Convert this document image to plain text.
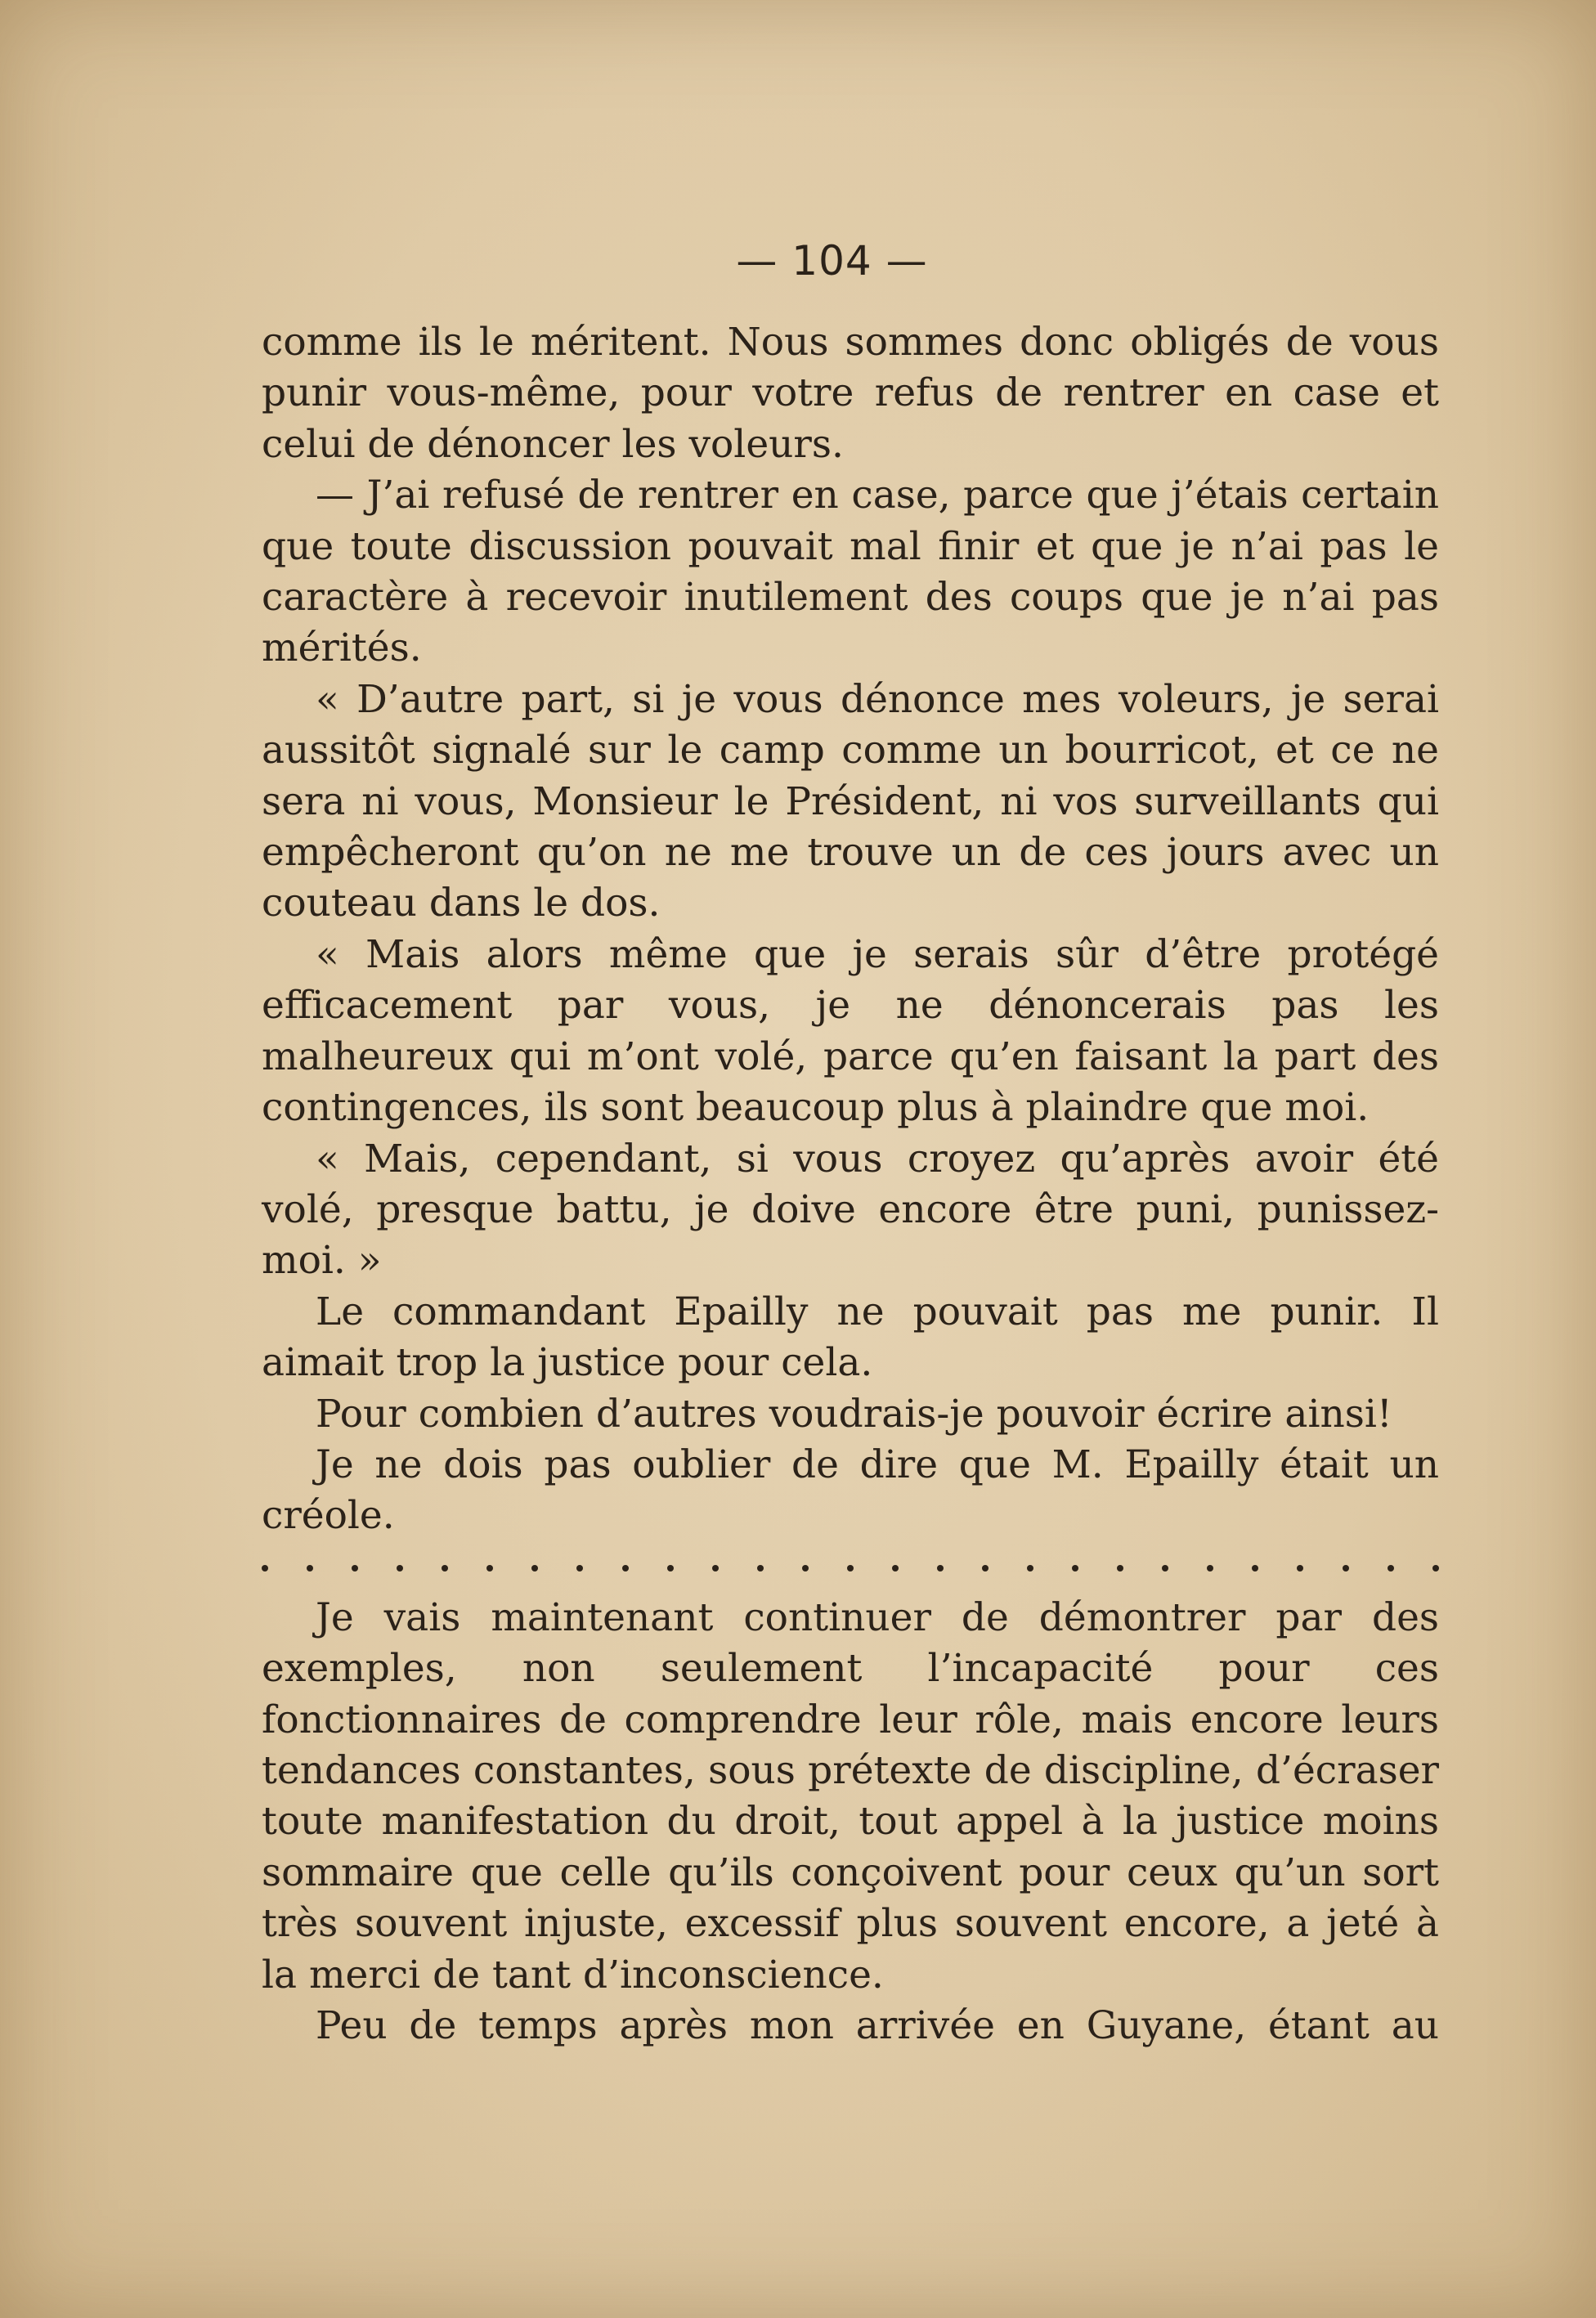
— 104 —

comme ils le méritent. Nous sommes donc obligés de vous punir vous-même, pour votre refus de rentrer en case et celui de dénoncer les voleurs.

— J’ai refusé de rentrer en case, parce que j’étais certain que toute discussion pouvait mal finir et que je n’ai pas le caractère à recevoir inutilement des coups que je n’ai pas mérités.

« D’autre part, si je vous dénonce mes voleurs, je serai aussitôt signalé sur le camp comme un bourricot, et ce ne sera ni vous, Monsieur le Président, ni vos surveillants qui empêcheront qu’on ne me trouve un de ces jours avec un couteau dans le dos.

« Mais alors même que je serais sûr d’être protégé efficacement par vous, je ne dénoncerais pas les malheureux qui m’ont volé, parce qu’en faisant la part des contingences, ils sont beaucoup plus à plaindre que moi.

« Mais, cependant, si vous croyez qu’après avoir été volé, presque battu, je doive encore être puni, punissez-moi. »

Le commandant Epailly ne pouvait pas me punir. Il aimait trop la justice pour cela.

Pour combien d’autres voudrais-je pouvoir écrire ainsi!

Je ne dois pas oublier de dire que M. Epailly était un créole.

Je vais maintenant continuer de démontrer par des exemples, non seulement l’incapacité pour ces fonctionnaires de comprendre leur rôle, mais encore leurs tendances constantes, sous prétexte de discipline, d’écraser toute manifestation du droit, tout appel à la justice moins sommaire que celle qu’ils conçoivent pour ceux qu’un sort très souvent injuste, excessif plus souvent encore, a jeté à la merci de tant d’inconscience.

Peu de temps après mon arrivée en Guyane, étant au
